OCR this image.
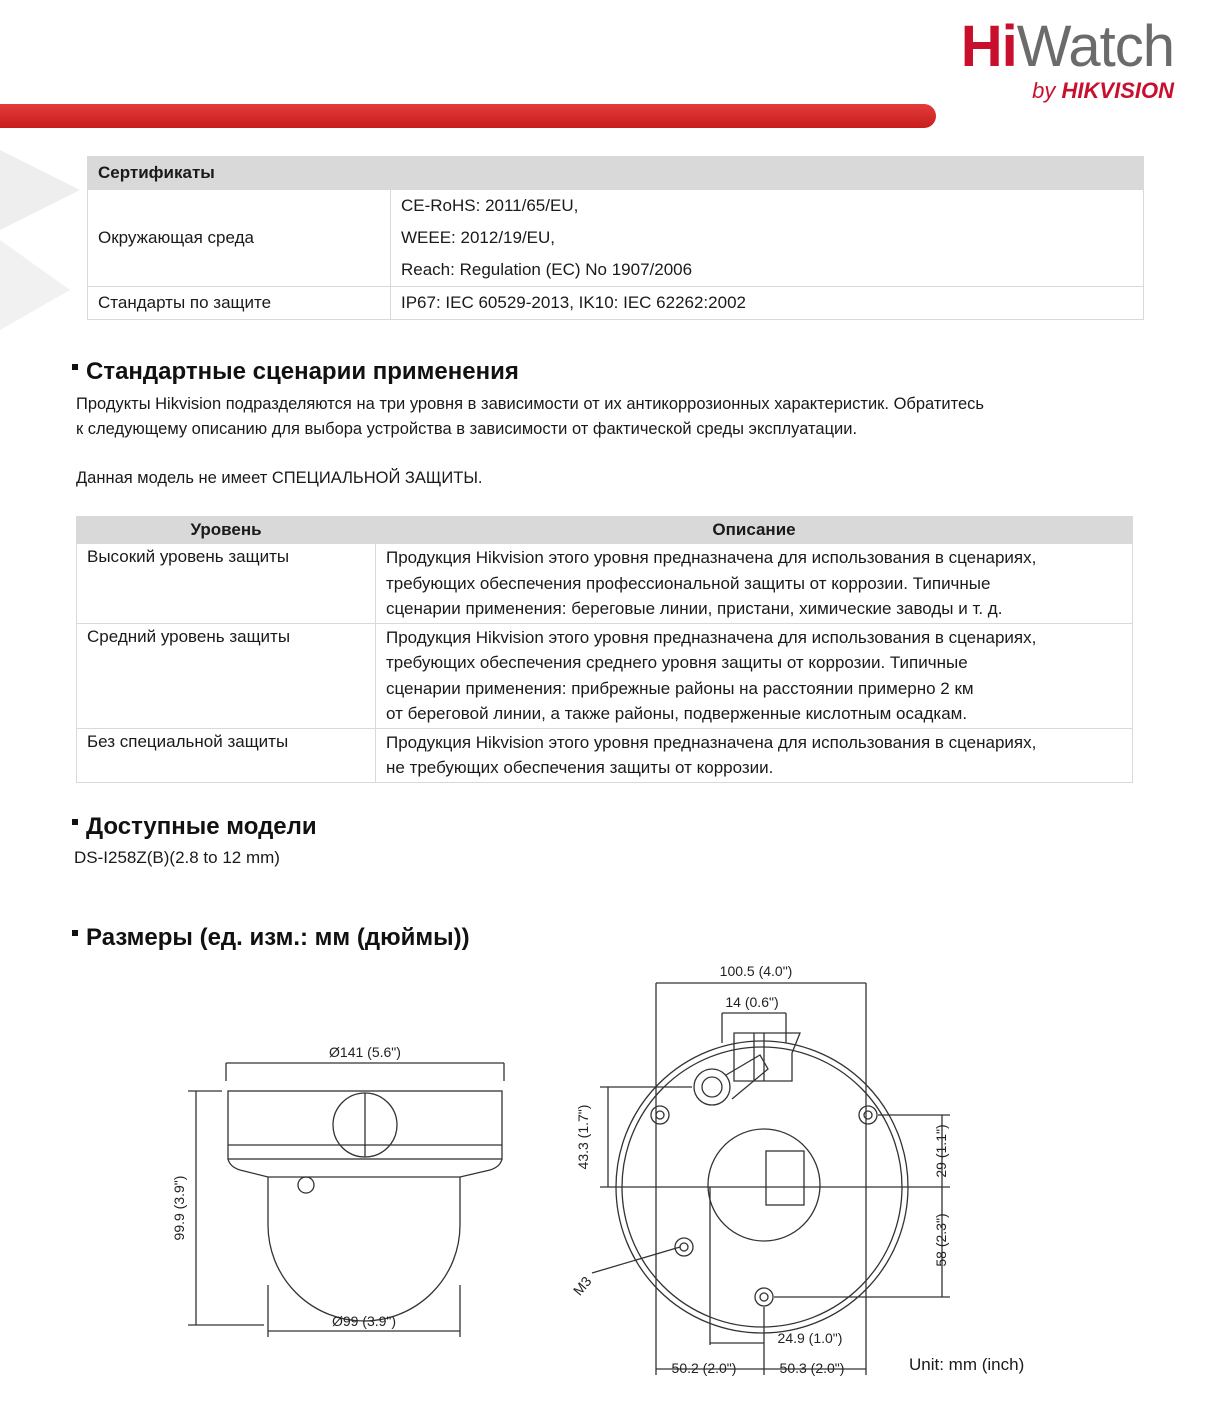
HiWatch
by HIKVISION
Сертификаты	
Окружающая среда	CE-RoHS: 2011/65/EU,
WEEE: 2012/19/EU,
Reach: Regulation (EC) No 1907/2006

Стандарты по защите	IP67: IEC 60529-2013, IK10: IEC 62262:2002
Стандартные сценарии применения
Продукты Hikvision подразделяются на три уровня в зависимости от их антикоррозионных характеристик. Обратитесь
к следующему описанию для выбора устройства в зависимости от фактической среды эксплуатации.
Данная модель не имеет СПЕЦИАЛЬНОЙ ЗАЩИТЫ.
Уровень	Описание
Высокий уровень защиты	Продукция Hikvision этого уровня предназначена для использования в сценариях,
требующих обеспечения профессиональной защиты от коррозии. Типичные
сценарии применения: береговые линии, пристани, химические заводы и т. д.

Средний уровень защиты	Продукция Hikvision этого уровня предназначена для использования в сценариях,
требующих обеспечения среднего уровня защиты от коррозии. Типичные
сценарии применения: прибрежные районы на расстоянии примерно 2 км
от береговой линии, а также районы, подверженные кислотным осадкам.

Без специальной защиты	Продукция Hikvision этого уровня предназначена для использования в сценариях,
не требующих обеспечения защиты от коррозии.
Доступные модели
DS-I258Z(B)(2.8 to 12 mm)
Размеры (ед. изм.: мм (дюймы))
Ø141 (5.6")
99.9 (3.9")
Ø99 (3.9")
100.5 (4.0")
14 (0.6")
43.3 (1.7")	29 (1.1")
58 (2.3")
M3
24.9 (1.0")
50.2 (2.0")	50.3 (2.0")	Unit: mm (inch)
